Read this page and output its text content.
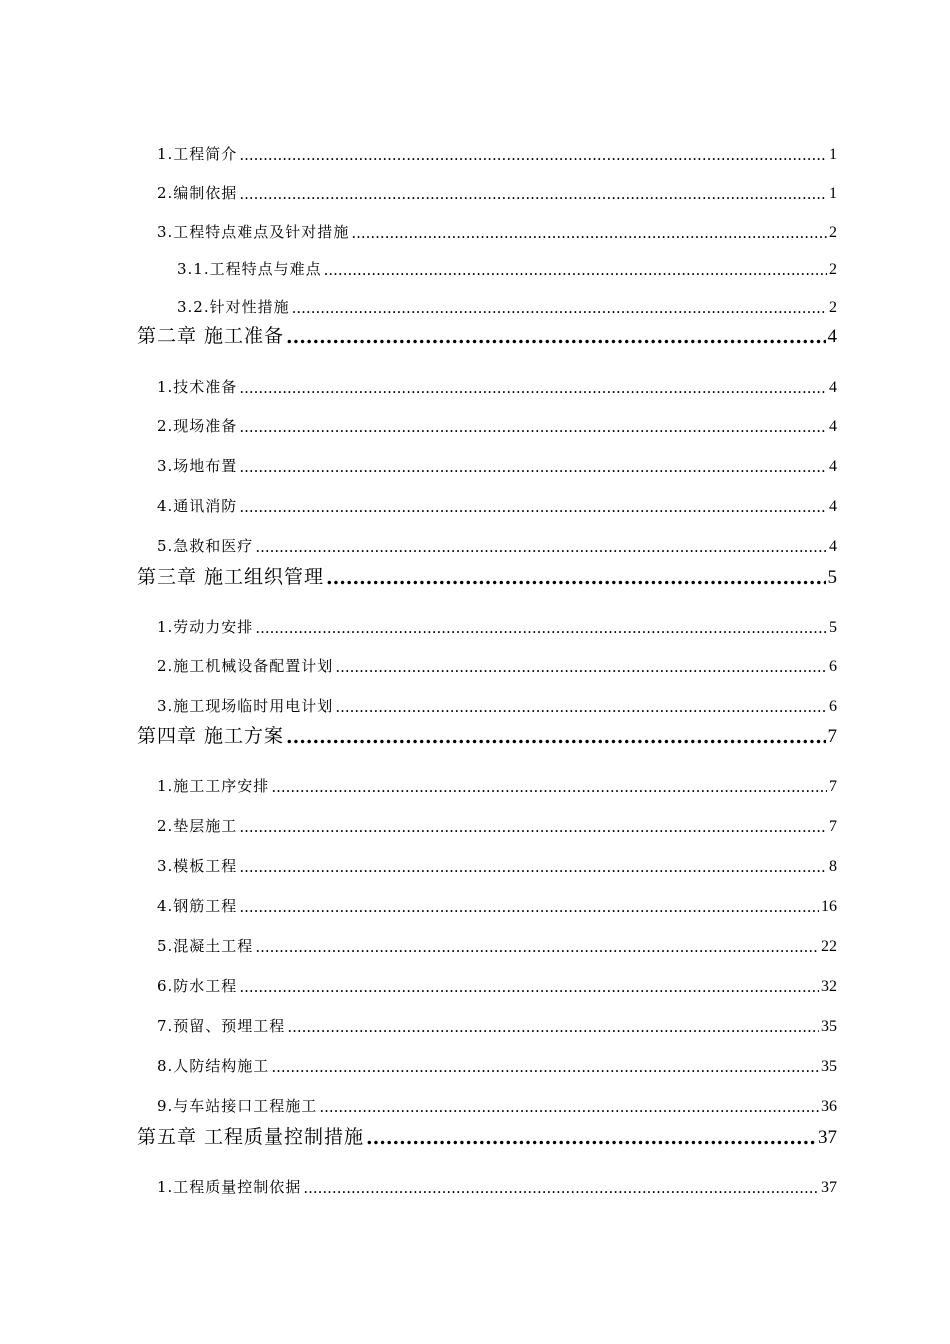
1.工程简介 .....	1
2.编制依据 .....	1
3.工程特点难点及针对措施 .....	2
3.1.工程特点与难点 .....	2
3.2.针对性措施 .....	2
第二章 施工准备 .....	4
1.技术准备 .....	4
2.现场准备 .....	4
3.场地布置 .....	4
4.通讯消防 .....	4
5.急救和医疗 .....	4
第三章 施工组织管理 .....	5
1.劳动力安排 .....	5
2.施工机械设备配置计划 .....	6
3.施工现场临时用电计划 .....	6
第四章 施工方案 .....	7
1.施工工序安排 .....	7
2.垫层施工 .....	7
3.模板工程 .....	8
4.钢筋工程 .....	16
5.混凝土工程 .....	22
6.防水工程 .....	32
7.预留、预埋工程 .....	35
8.人防结构施工 .....	35
9.与车站接口工程施工 .....	36
第五章 工程质量控制措施 .....	37
1.工程质量控制依据 .....	37
